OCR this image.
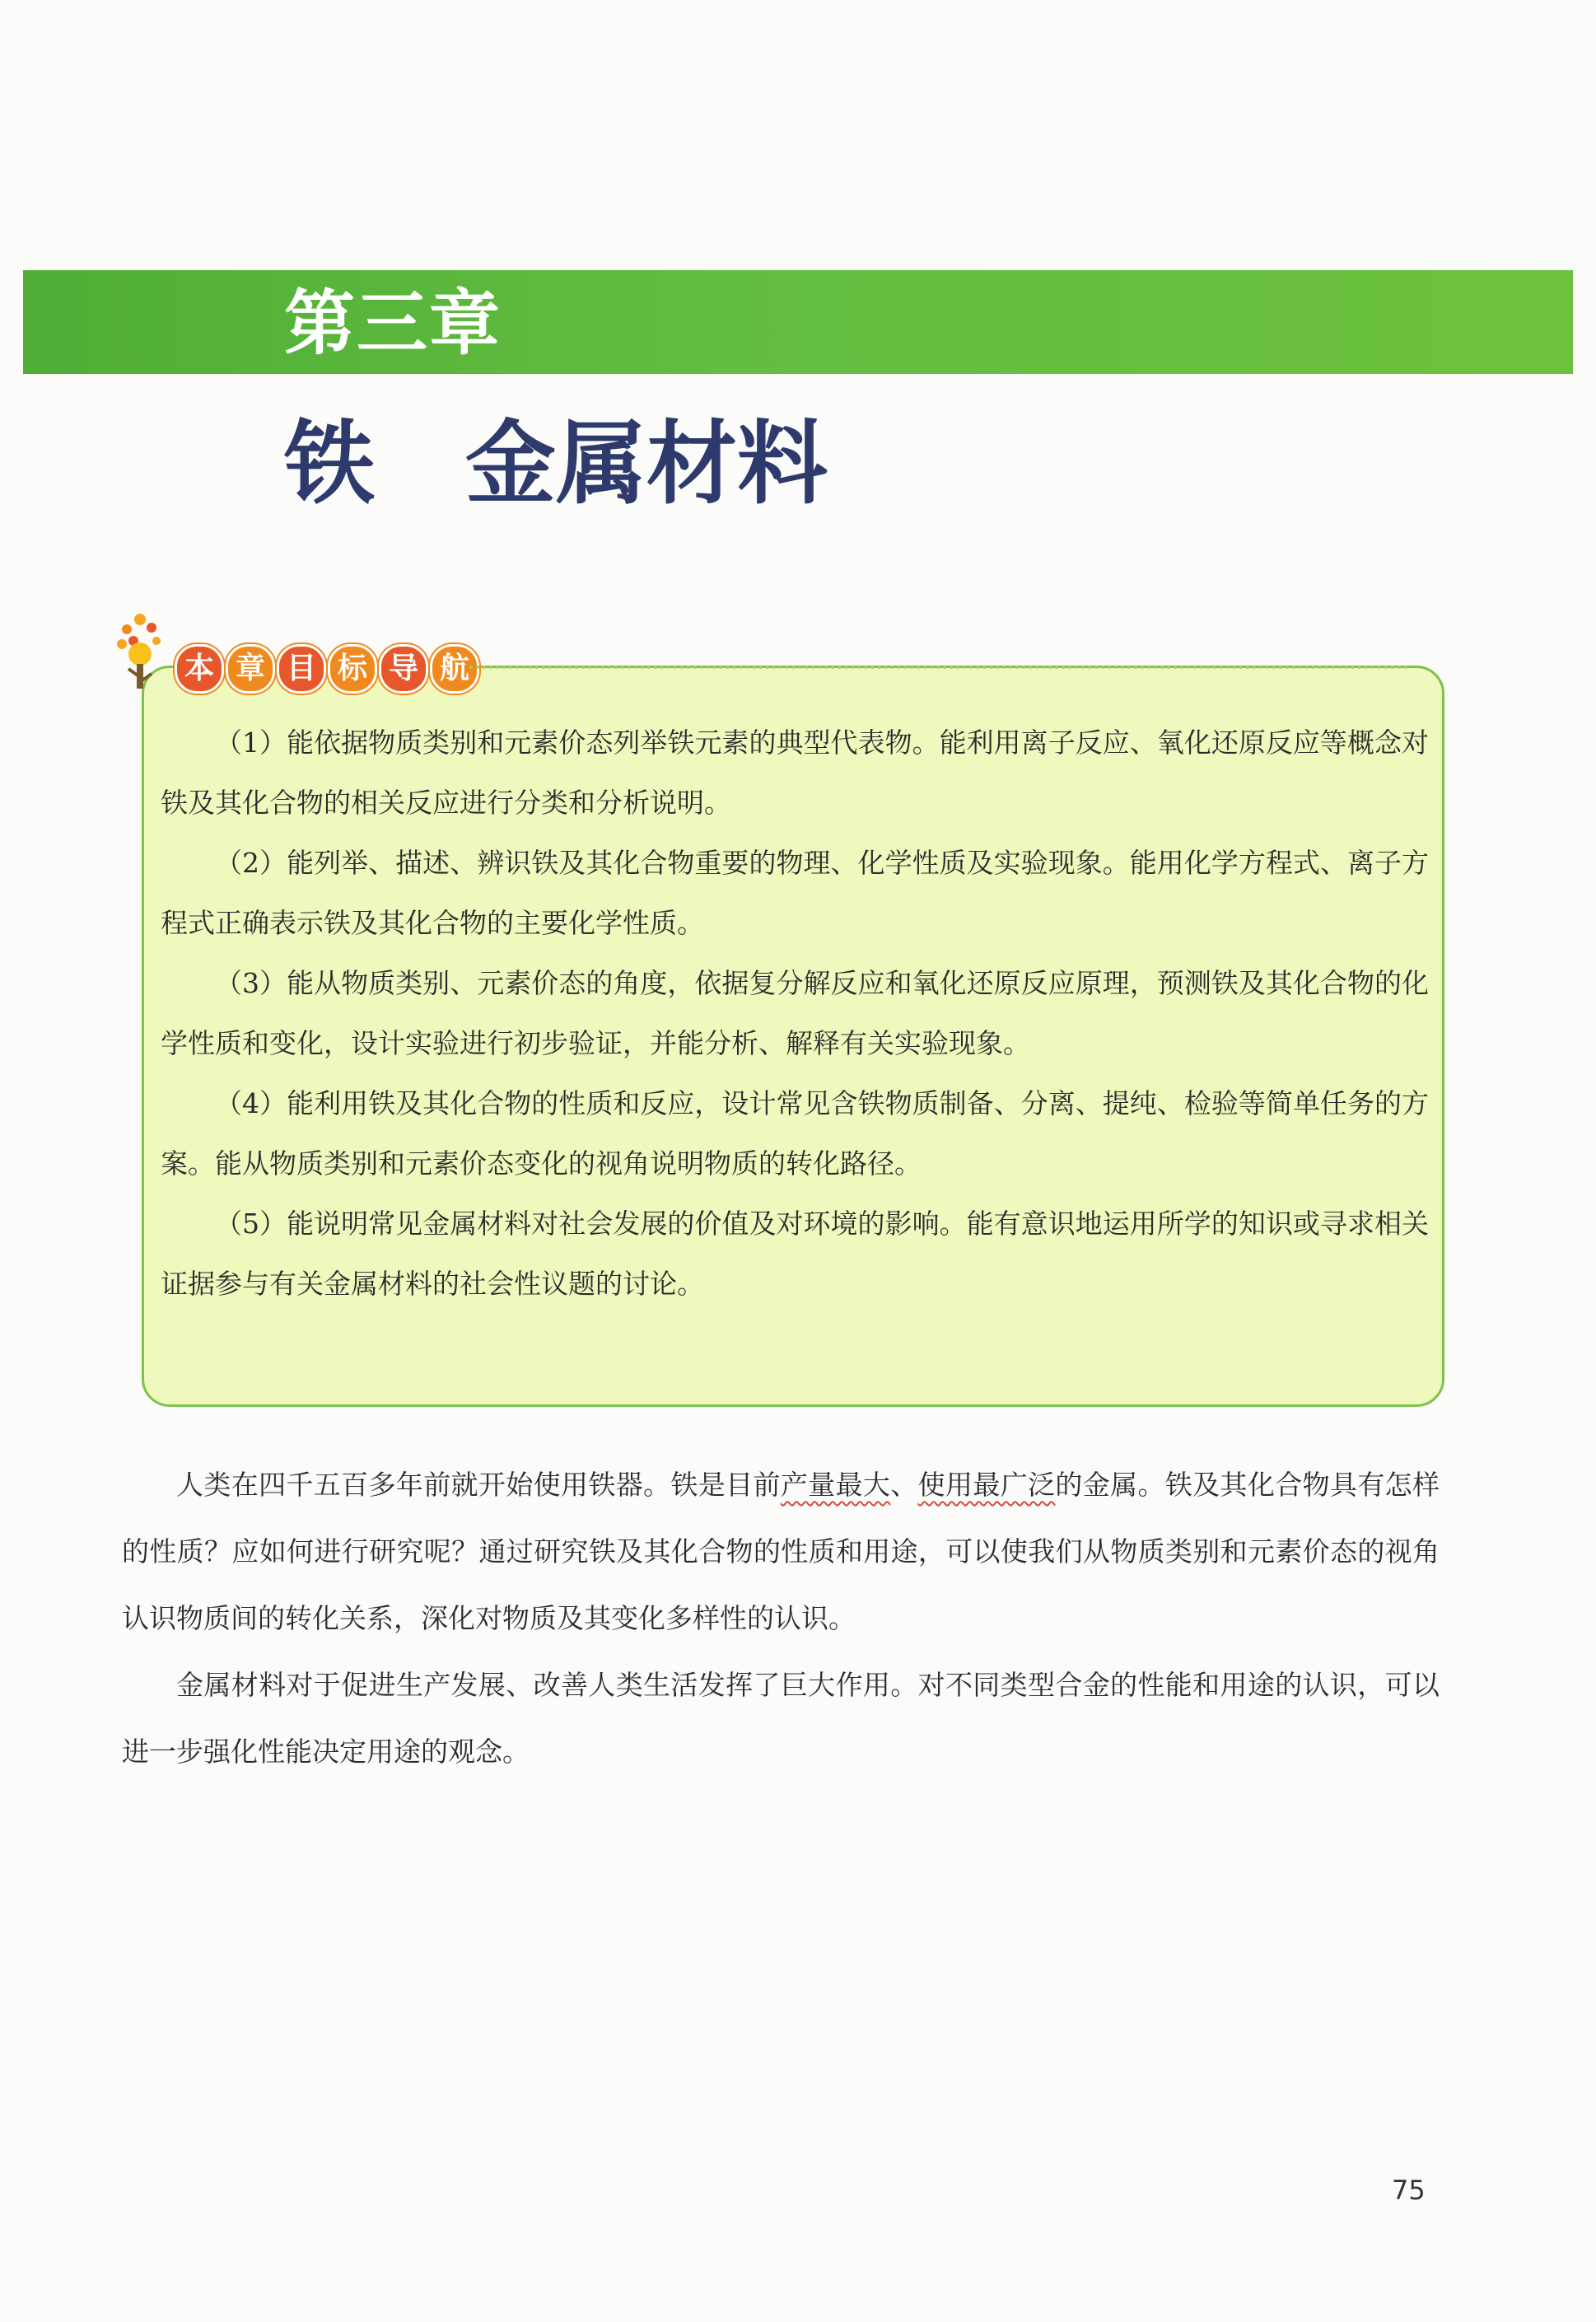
第三章
铁　金属材料
本 章 目 标 导 航

（1）能依据物质类别和元素价态列举铁元素的典型代表物。能利用离子反应、氧化还原反应等概念对铁及其化合物的相关反应进行分类和分析说明。

（2）能列举、描述、辨识铁及其化合物重要的物理、化学性质及实验现象。能用化学方程式、离子方程式正确表示铁及其化合物的主要化学性质。

（3）能从物质类别、元素价态的角度，依据复分解反应和氧化还原反应原理，预测铁及其化合物的化学性质和变化，设计实验进行初步验证，并能分析、解释有关实验现象。

（4）能利用铁及其化合物的性质和反应，设计常见含铁物质制备、分离、提纯、检验等简单任务的方案。能从物质类别和元素价态变化的视角说明物质的转化路径。

（5）能说明常见金属材料对社会发展的价值及对环境的影响。能有意识地运用所学的知识或寻求相关证据参与有关金属材料的社会性议题的讨论。

人类在四千五百多年前就开始使用铁器。铁是目前产量最大、使用最广泛的金属。铁及其化合物具有怎样的性质？应如何进行研究呢？通过研究铁及其化合物的性质和用途，可以使我们从物质类别和元素价态的视角认识物质间的转化关系，深化对物质及其变化多样性的认识。

金属材料对于促进生产发展、改善人类生活发挥了巨大作用。对不同类型合金的性能和用途的认识，可以进一步强化性能决定用途的观念。

75
